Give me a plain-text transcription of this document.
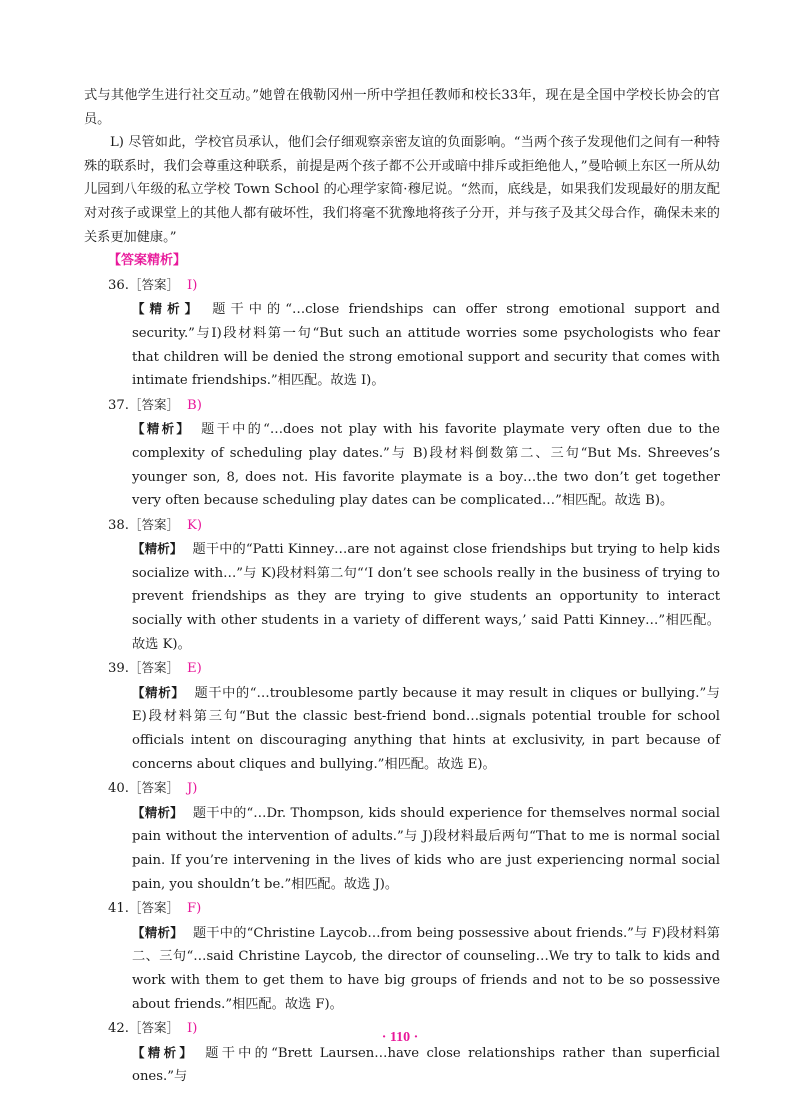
式与其他学生进行社交互动。”她曾在俄勒冈州一所中学担任教师和校长33年，现在是全国中学校长协会的官员。

L) 尽管如此，学校官员承认，他们会仔细观察亲密友谊的负面影响。“当两个孩子发现他们之间有一种特殊的联系时，我们会尊重这种联系，前提是两个孩子都不公开或暗中排斥或拒绝他人，”曼哈顿上东区一所从幼儿园到八年级的私立学校 Town School 的心理学家简·穆尼说。“然而，底线是，如果我们发现最好的朋友配对对孩子或课堂上的其他人都有破坏性，我们将毫不犹豫地将孩子分开，并与孩子及其父母合作，确保未来的关系更加健康。”

【答案精析】

36.［答案］ I)

【精析】 题干中的“…close friendships can offer strong emotional support and security.”与I)段材料第一句“But such an attitude worries some psychologists who fear that children will be denied the strong emotional support and security that comes with intimate friendships.”相匹配。故选 I)。

37.［答案］ B)

【精析】 题干中的“…does not play with his favorite playmate very often due to the complexity of scheduling play dates.”与 B)段材料倒数第二、三句“But Ms. Shreeves’s younger son, 8, does not. His favorite playmate is a boy…the two don’t get together very often because scheduling play dates can be complicated…”相匹配。故选 B)。

38.［答案］ K)

【精析】 题干中的“Patti Kinney…are not against close friendships but trying to help kids socialize with…”与 K)段材料第二句“‘I don’t see schools really in the business of trying to prevent friendships as they are trying to give students an opportunity to interact socially with other students in a variety of different ways,’ said Patti Kinney…”相匹配。故选 K)。

39.［答案］ E)

【精析】 题干中的“…troublesome partly because it may result in cliques or bullying.”与 E)段材料第三句“But the classic best-friend bond…signals potential trouble for school officials intent on discouraging anything that hints at exclusivity, in part because of concerns about cliques and bullying.”相匹配。故选 E)。

40.［答案］ J)

【精析】 题干中的“…Dr. Thompson, kids should experience for themselves normal social pain without the intervention of adults.”与 J)段材料最后两句“That to me is normal social pain. If you’re intervening in the lives of kids who are just experiencing normal social pain, you shouldn’t be.”相匹配。故选 J)。

41.［答案］ F)

【精析】 题干中的“Christine Laycob…from being possessive about friends.”与 F)段材料第二、三句“…said Christine Laycob, the director of counseling…We try to talk to kids and work with them to get them to have big groups of friends and not to be so possessive about friends.”相匹配。故选 F)。

42.［答案］ I)

【精析】 题干中的“Brett Laursen…have close relationships rather than superficial ones.”与

· 110 ·
